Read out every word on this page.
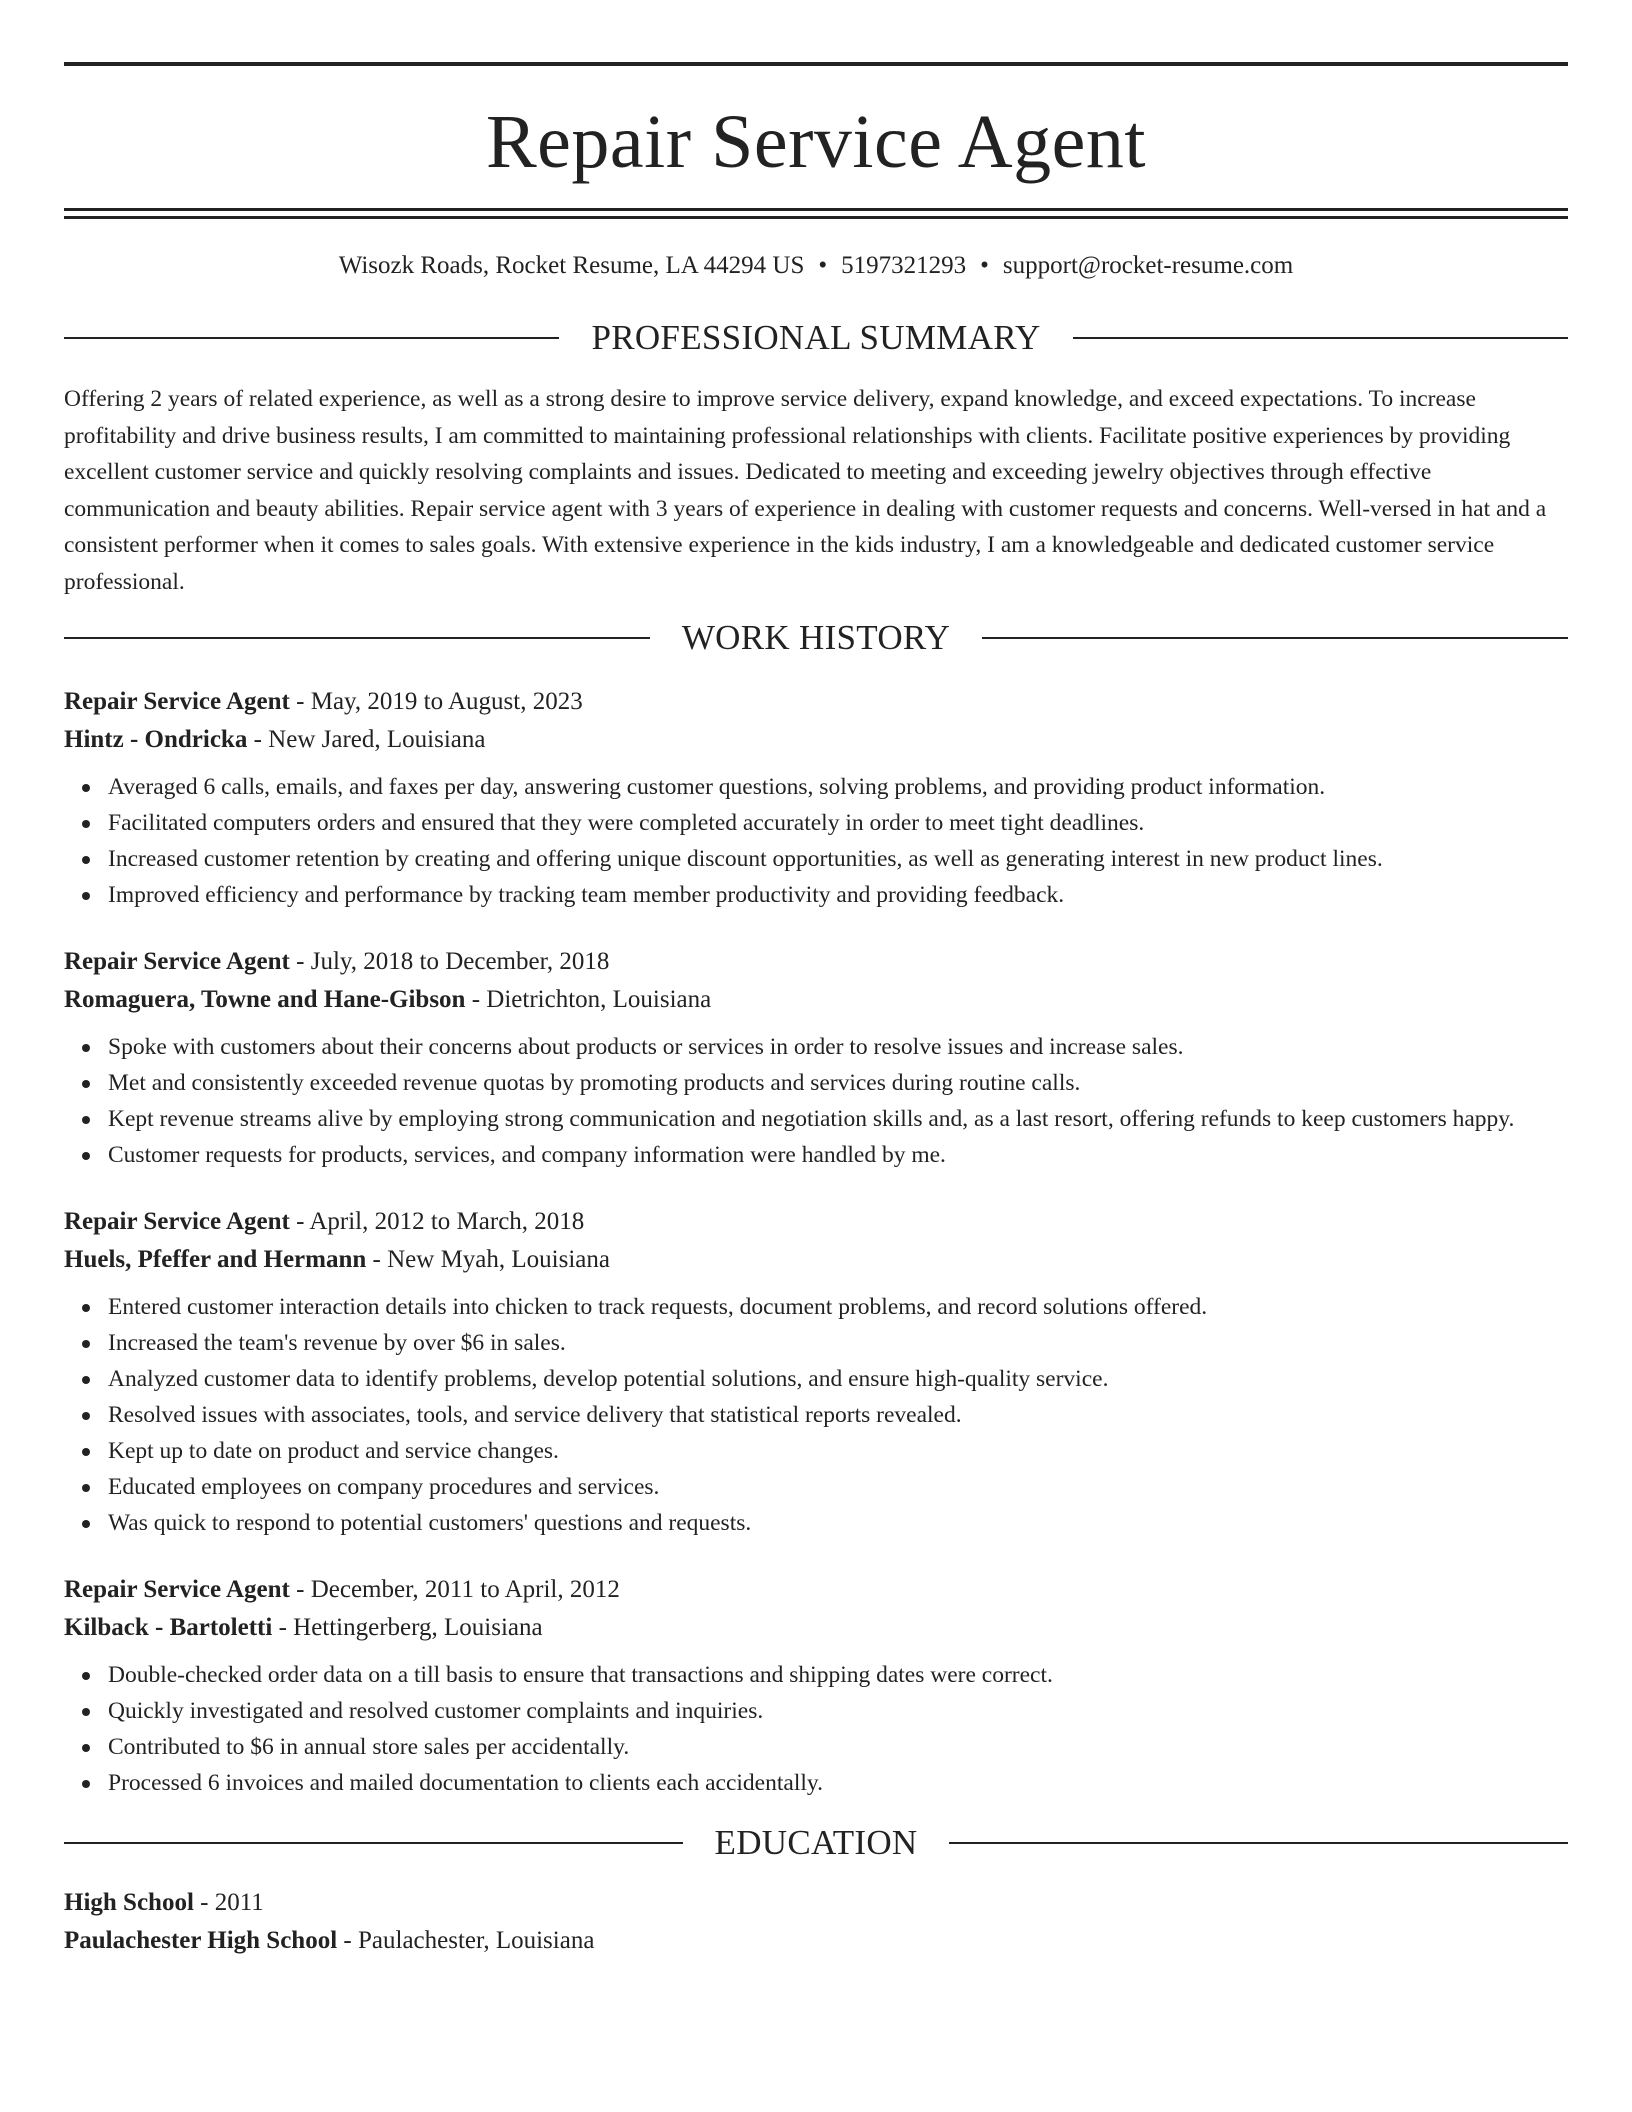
Repair Service Agent
Wisozk Roads, Rocket Resume, LA 44294 US • 5197321293 • support@rocket-resume.com
PROFESSIONAL SUMMARY
Offering 2 years of related experience, as well as a strong desire to improve service delivery, expand knowledge, and exceed expectations. To increase profitability and drive business results, I am committed to maintaining professional relationships with clients. Facilitate positive experiences by providing excellent customer service and quickly resolving complaints and issues. Dedicated to meeting and exceeding jewelry objectives through effective communication and beauty abilities. Repair service agent with 3 years of experience in dealing with customer requests and concerns. Well-versed in hat and a consistent performer when it comes to sales goals. With extensive experience in the kids industry, I am a knowledgeable and dedicated customer service professional.
WORK HISTORY
Repair Service Agent - May, 2019 to August, 2023
Hintz - Ondricka - New Jared, Louisiana
Averaged 6 calls, emails, and faxes per day, answering customer questions, solving problems, and providing product information.
Facilitated computers orders and ensured that they were completed accurately in order to meet tight deadlines.
Increased customer retention by creating and offering unique discount opportunities, as well as generating interest in new product lines.
Improved efficiency and performance by tracking team member productivity and providing feedback.
Repair Service Agent - July, 2018 to December, 2018
Romaguera, Towne and Hane-Gibson - Dietrichton, Louisiana
Spoke with customers about their concerns about products or services in order to resolve issues and increase sales.
Met and consistently exceeded revenue quotas by promoting products and services during routine calls.
Kept revenue streams alive by employing strong communication and negotiation skills and, as a last resort, offering refunds to keep customers happy.
Customer requests for products, services, and company information were handled by me.
Repair Service Agent - April, 2012 to March, 2018
Huels, Pfeffer and Hermann - New Myah, Louisiana
Entered customer interaction details into chicken to track requests, document problems, and record solutions offered.
Increased the team's revenue by over $6 in sales.
Analyzed customer data to identify problems, develop potential solutions, and ensure high-quality service.
Resolved issues with associates, tools, and service delivery that statistical reports revealed.
Kept up to date on product and service changes.
Educated employees on company procedures and services.
Was quick to respond to potential customers' questions and requests.
Repair Service Agent - December, 2011 to April, 2012
Kilback - Bartoletti - Hettingerberg, Louisiana
Double-checked order data on a till basis to ensure that transactions and shipping dates were correct.
Quickly investigated and resolved customer complaints and inquiries.
Contributed to $6 in annual store sales per accidentally.
Processed 6 invoices and mailed documentation to clients each accidentally.
EDUCATION
High School - 2011
Paulachester High School - Paulachester, Louisiana
